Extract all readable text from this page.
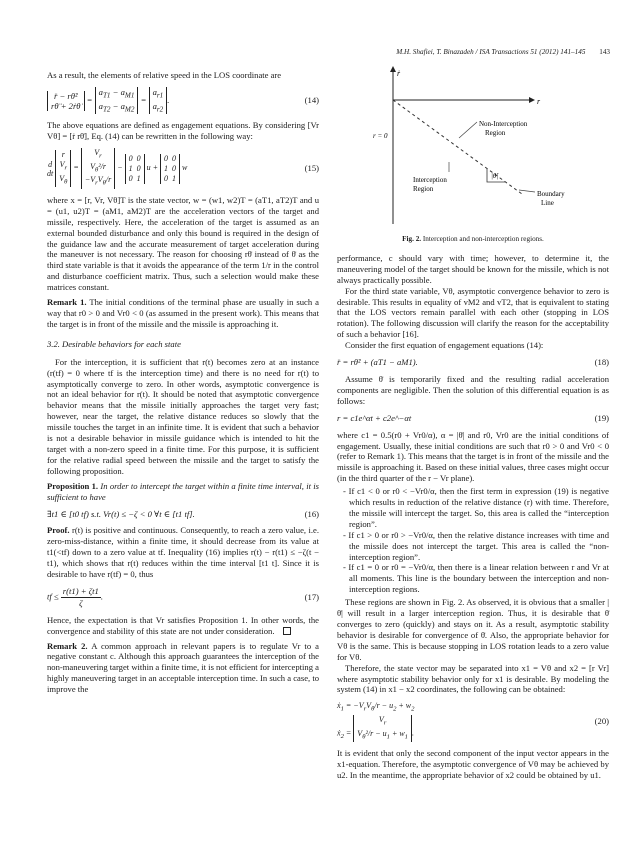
M.H. Shafiei, T. Binazadeh / ISA Transactions 51 (2012) 141–145 143

As a result, the elements of relative speed in the LOS coordinate are

r̈ − rθ̇²
rθ̈ + 2ṙθ̇
=
$a_{T1} - a_{M1}$
$a_{T2} - a_{M2}$
=
$a_{r1}$
$a_{r2}$
.	(14)

The above equations are defined as engagement equations. By considering [Vr Vθ] = [ṙ rθ̇], Eq. (14) can be rewritten in the following way:

d
dt

r
$V_r$
$V_\theta$
=
$V_r$
$V_\theta^2/r$
$-V_rV_\theta/r$
−
0  0
1  0
0  1
u +
0  0
1  0
0  1
w	(15)

where x = [r, Vr, Vθ]T is the state vector, w = (w1, w2)T = (aT1, aT2)T and u = (u1, u2)T = (aM1, aM2)T are the acceleration vectors of the target and missile, respectively. Here, the acceleration of the target is assumed as an external bounded disturbance and only this bound is required in the design of the guidance law and the accurate measurement of target acceleration during the maneuver is not necessary. The reason for choosing rθ̇ instead of θ̇ as the third state variable is that it avoids the appearance of the term 1/r in the control and disturbance coefficient matrix. Thus, such a selection would make these matrices constant.

Remark 1. The initial conditions of the terminal phase are usually in such a way that r0 > 0 and Vr0 < 0 (as assumed in the present work). This means that the target is in front of the missile and the missile is approaching it.

3.2. Desirable behaviors for each state

For the interception, it is sufficient that r(t) becomes zero at an instance (r(tf) = 0 where tf is the interception time) and there is no need for r(t) to asymptotically converge to zero. In other words, asymptotic convergence is not an ideal behavior for r(t). It should be noted that asymptotic convergence behavior means that the missile initially approaches the target very fast; however, near the target, the relative distance reduces so slowly that the missile touches the target in an infinite time. It is evident that such a behavior is not a desirable behavior in missile guidance which is intended to hit the target with a non-zero speed in a finite time. For this purpose, it is sufficient for the relative radial speed between the missile and the target to satisfy the following proposition.

Proposition 1. In order to intercept the target within a finite time interval, it is sufficient to have

∃t1 ∈ [t0 tf) s.t. Vr(t) ≤ −ζ < 0 ∀t ∈ [t1 tf].	(16)

Proof. r(t) is positive and continuous. Consequently, to reach a zero value, i.e. zero-miss-distance, within a finite time, it should decrease from its value at t1(<tf) down to a zero value at tf. Inequality (16) implies r(t) − r(t1) ≤ −ζ(t − t1), which shows that r(t) reduces within the time interval [t1 t]. Since it is desirable to have r(tf) = 0, thus

tf ≤ $\frac{r(t1) + \zeta t1}{\zeta}$ .	(17)

Hence, the expectation is that Vr satisfies Proposition 1. In other words, the convergence and stability of this state are not under consideration.

Remark 2. A common approach in relevant papers is to regulate Vr to a negative constant c. Although this approach guarantees the interception of the non-maneuvering target within a finite time, it is not efficient for intercepting a highly maneuvering target in an acceptable interception time. In such a case, to improve the

ṙ
r
r = 0
Non-Interception
Region
Interception
Region
Boundary
Line
|θ̇|
Fig. 2. Interception and non-interception regions.

performance, c should vary with time; however, to determine it, the maneuvering model of the target should be known for the missile, which is not always practically possible.

For the third state variable, Vθ, asymptotic convergence behavior to zero is desirable. This results in equality of vM2 and vT2, that is equivalent to stating that the LOS vectors remain parallel with each other (stopping in LOS rotation). The following discussion will clarify the reason for the acceptability of such a behavior [16].

Consider the first equation of engagement equations (14):

r̈ = rθ̇² + (aT1 − aM1).	(18)

Assume θ̇ is temporarily fixed and the resulting radial acceleration components are negligible. Then the solution of this differential equation is as follows:

r = c1e^αt + c2e^−αt	(19)

where c1 = 0.5(r0 + Vr0/α), α = |θ̇| and r0, Vr0 are the initial conditions of engagement. Usually, these initial conditions are such that r0 > 0 and Vr0 < 0 (refer to Remark 1). This means that the target is in front of the missile and the missile is approaching it. Based on these initial values, three cases might occur (in the third quarter of the r − Vr plane).

- If c1 < 0 or r0 < −Vr0/α, then the first term in expression (19) is negative which results in reduction of the relative distance (r) with time. Therefore, the missile will intercept the target. So, this area is called the “interception region”.
- If c1 > 0 or r0 > −Vr0/α, then the relative distance increases with time and the missile does not intercept the target. This area is called the “non-interception region”.
- If c1 = 0 or r0 = −Vr0/α, then there is a linear relation between r and Vr at all moments. This line is the boundary between the interception and non-interception regions.

These regions are shown in Fig. 2. As observed, it is obvious that a smaller |θ̇| will result in a larger interception region. Thus, it is desirable that θ̇ converges to zero (quickly) and stays on it. As a result, asymptotic stability behavior is desirable for convergence of θ̇. Also, the appropriate behavior for Vθ is the same. This is because stopping in LOS rotation leads to a zero value for Vθ.

Therefore, the state vector may be separated into x1 = Vθ and x2 = [r Vr] where asymptotic stability behavior only for x1 is desirable. By modeling the system (14) in x1 − x2 coordinates, the following can be obtained:

ẋ$_1$ = $-V_rV_\theta/r - u_2 + w_2$
ẋ$_2$ = $V_r$
$V_\theta^2/r - u_1 + w_1$ .
(20)

It is evident that only the second component of the input vector appears in the x1-equation. Therefore, the asymptotic convergence of Vθ may be achieved by u2. In the meantime, the appropriate behavior of x2 could be obtained by u1.
